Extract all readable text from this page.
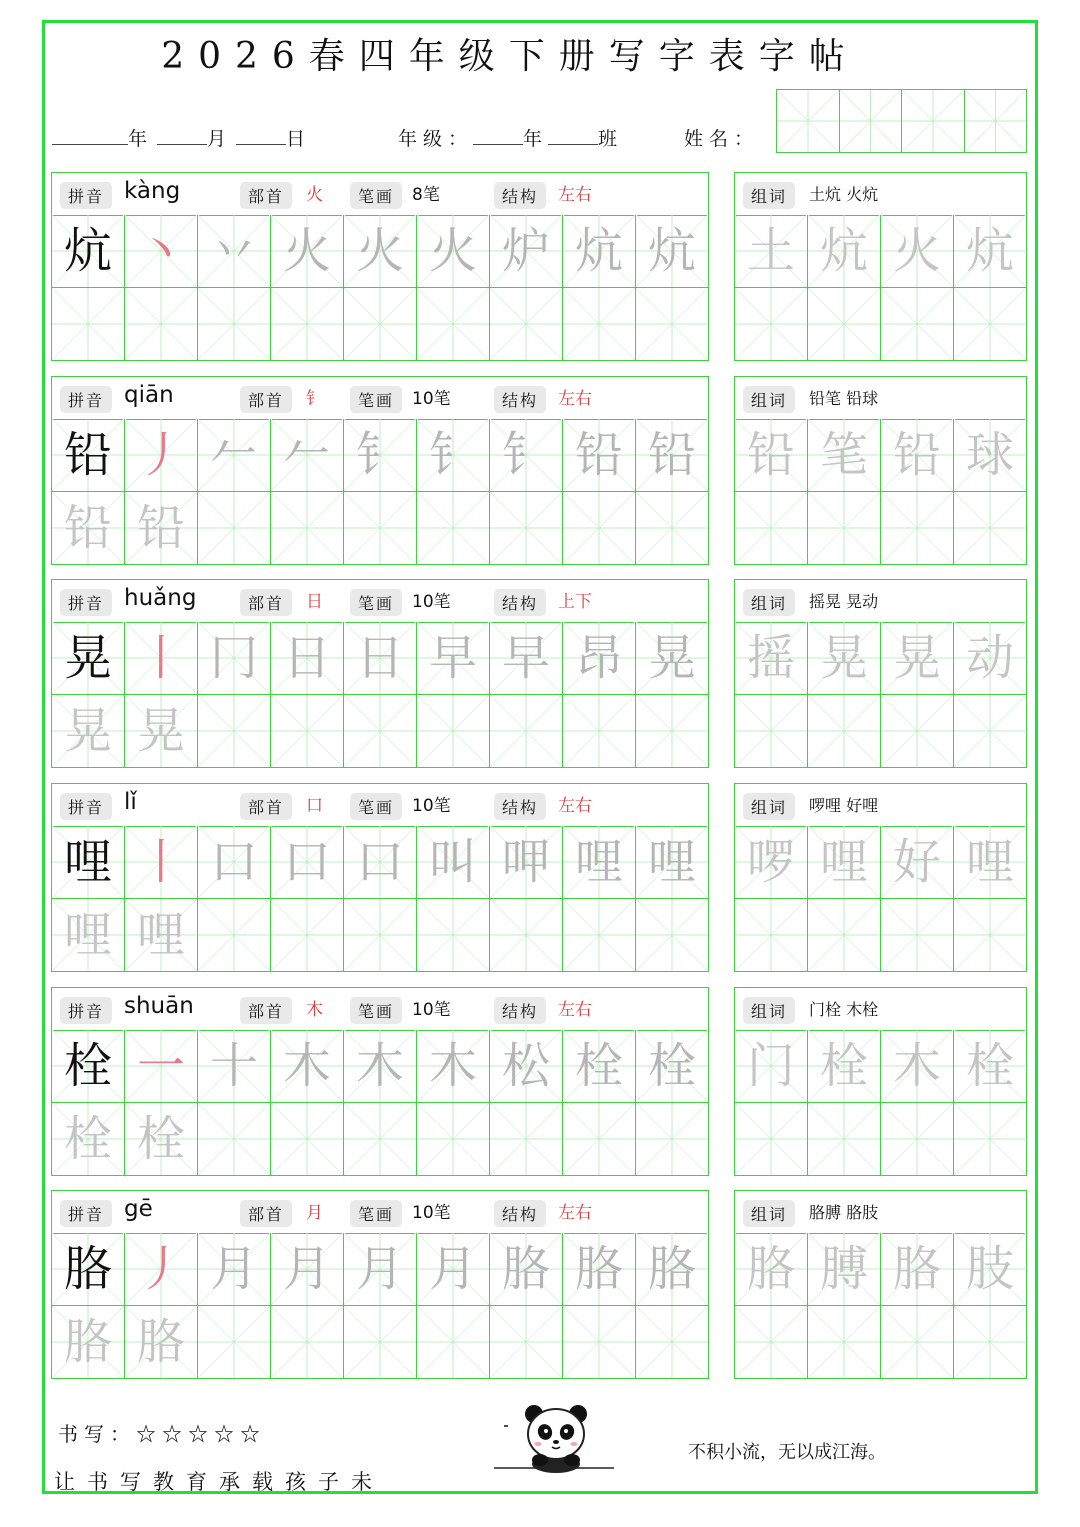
2026春四年级下册写字表字帖
年	月	日	年级：	年	班	姓名：
拼音 kàng	部首	火	笔画	8笔	结构	左右
炕 丶 丷 火 火 火 炉 炕 炕
组词	土炕 火炕
土 炕 火 炕
拼音 qiān	部首	钅	笔画	10笔	结构	左右
铅 丿 𠂉 𠂉 钅 钅 钅 铅 铅
铅 铅
组词	铅笔 铅球
铅 笔 铅 球
拼音 huǎng	部首	日	笔画	10笔	结构	上下
晃 丨 冂 日 日 早 早 昂 晃
晃 晃
组词	摇晃 晃动
摇 晃 晃 动
拼音 lǐ	部首	口	笔画	10笔	结构	左右
哩 丨 口 口 口 叫 呷 哩 哩
哩 哩
组词	啰哩 好哩
啰 哩 好 哩
拼音 shuān	部首	木	笔画	10笔	结构	左右
栓 一 十 木 木 木 松 栓 栓
栓 栓
组词	门栓 木栓
门 栓 木 栓
拼音 gē	部首	月	笔画	10笔	结构	左右
胳 丿 月 月 月 月 胳 胳 胳
胳 胳
组词	胳膊 胳肢
胳 膊 胳 肢
书写：☆☆☆☆☆
让书写教育承载孩子未
不积小流，无以成江海。
